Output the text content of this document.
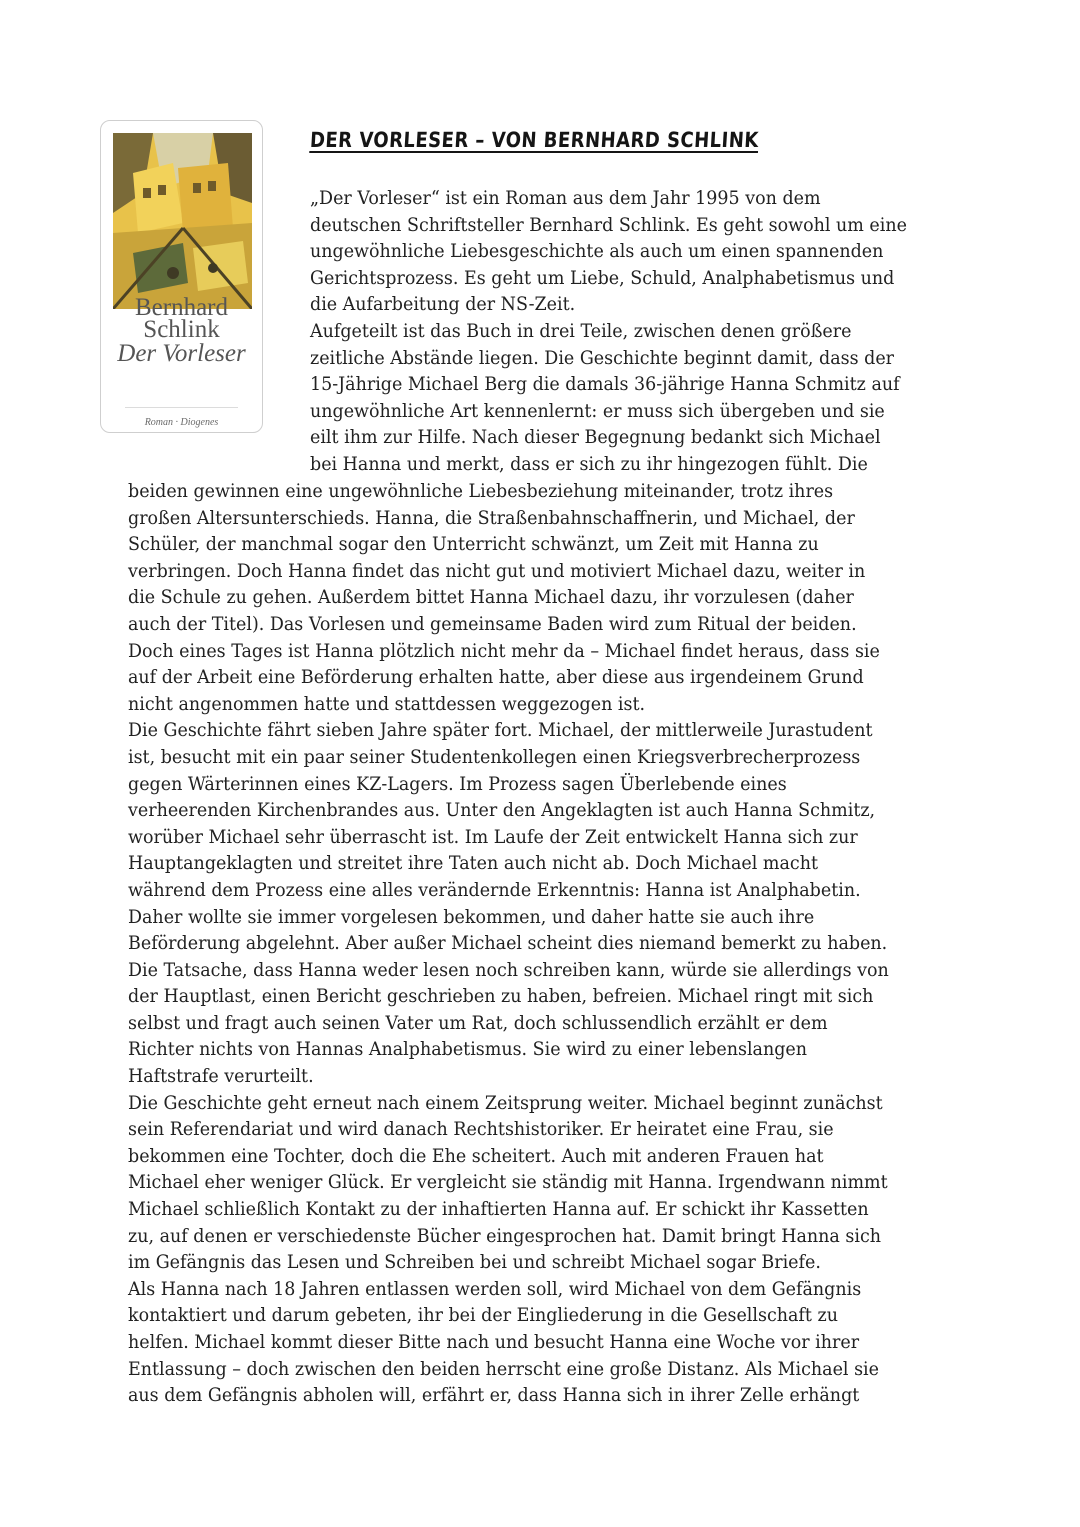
Bernhard
Schlink
Der Vorleser
Roman · Diogenes
DER VORLESER – VON BERNHARD SCHLINK
„Der Vorleser“ ist ein Roman aus dem Jahr 1995 von dem
deutschen Schriftsteller Bernhard Schlink. Es geht sowohl um eine
ungewöhnliche Liebesgeschichte als auch um einen spannenden
Gerichtsprozess. Es geht um Liebe, Schuld, Analphabetismus und
die Aufarbeitung der NS-Zeit.
Aufgeteilt ist das Buch in drei Teile, zwischen denen größere
zeitliche Abstände liegen. Die Geschichte beginnt damit, dass der
15-Jährige Michael Berg die damals 36-jährige Hanna Schmitz auf
ungewöhnliche Art kennenlernt: er muss sich übergeben und sie
eilt ihm zur Hilfe. Nach dieser Begegnung bedankt sich Michael
bei Hanna und merkt, dass er sich zu ihr hingezogen fühlt. Die
beiden gewinnen eine ungewöhnliche Liebesbeziehung miteinander, trotz ihres
großen Altersunterschieds. Hanna, die Straßenbahnschaffnerin, und Michael, der
Schüler, der manchmal sogar den Unterricht schwänzt, um Zeit mit Hanna zu
verbringen. Doch Hanna findet das nicht gut und motiviert Michael dazu, weiter in
die Schule zu gehen. Außerdem bittet Hanna Michael dazu, ihr vorzulesen (daher
auch der Titel). Das Vorlesen und gemeinsame Baden wird zum Ritual der beiden.
Doch eines Tages ist Hanna plötzlich nicht mehr da – Michael findet heraus, dass sie
auf der Arbeit eine Beförderung erhalten hatte, aber diese aus irgendeinem Grund
nicht angenommen hatte und stattdessen weggezogen ist.
Die Geschichte fährt sieben Jahre später fort. Michael, der mittlerweile Jurastudent
ist, besucht mit ein paar seiner Studentenkollegen einen Kriegsverbrecherprozess
gegen Wärterinnen eines KZ-Lagers. Im Prozess sagen Überlebende eines
verheerenden Kirchenbrandes aus. Unter den Angeklagten ist auch Hanna Schmitz,
worüber Michael sehr überrascht ist. Im Laufe der Zeit entwickelt Hanna sich zur
Hauptangeklagten und streitet ihre Taten auch nicht ab. Doch Michael macht
während dem Prozess eine alles verändernde Erkenntnis: Hanna ist Analphabetin.
Daher wollte sie immer vorgelesen bekommen, und daher hatte sie auch ihre
Beförderung abgelehnt. Aber außer Michael scheint dies niemand bemerkt zu haben.
Die Tatsache, dass Hanna weder lesen noch schreiben kann, würde sie allerdings von
der Hauptlast, einen Bericht geschrieben zu haben, befreien. Michael ringt mit sich
selbst und fragt auch seinen Vater um Rat, doch schlussendlich erzählt er dem
Richter nichts von Hannas Analphabetismus. Sie wird zu einer lebenslangen
Haftstrafe verurteilt.
Die Geschichte geht erneut nach einem Zeitsprung weiter. Michael beginnt zunächst
sein Referendariat und wird danach Rechtshistoriker. Er heiratet eine Frau, sie
bekommen eine Tochter, doch die Ehe scheitert. Auch mit anderen Frauen hat
Michael eher weniger Glück. Er vergleicht sie ständig mit Hanna. Irgendwann nimmt
Michael schließlich Kontakt zu der inhaftierten Hanna auf. Er schickt ihr Kassetten
zu, auf denen er verschiedenste Bücher eingesprochen hat. Damit bringt Hanna sich
im Gefängnis das Lesen und Schreiben bei und schreibt Michael sogar Briefe.
Als Hanna nach 18 Jahren entlassen werden soll, wird Michael von dem Gefängnis
kontaktiert und darum gebeten, ihr bei der Eingliederung in die Gesellschaft zu
helfen. Michael kommt dieser Bitte nach und besucht Hanna eine Woche vor ihrer
Entlassung – doch zwischen den beiden herrscht eine große Distanz. Als Michael sie
aus dem Gefängnis abholen will, erfährt er, dass Hanna sich in ihrer Zelle erhängt
